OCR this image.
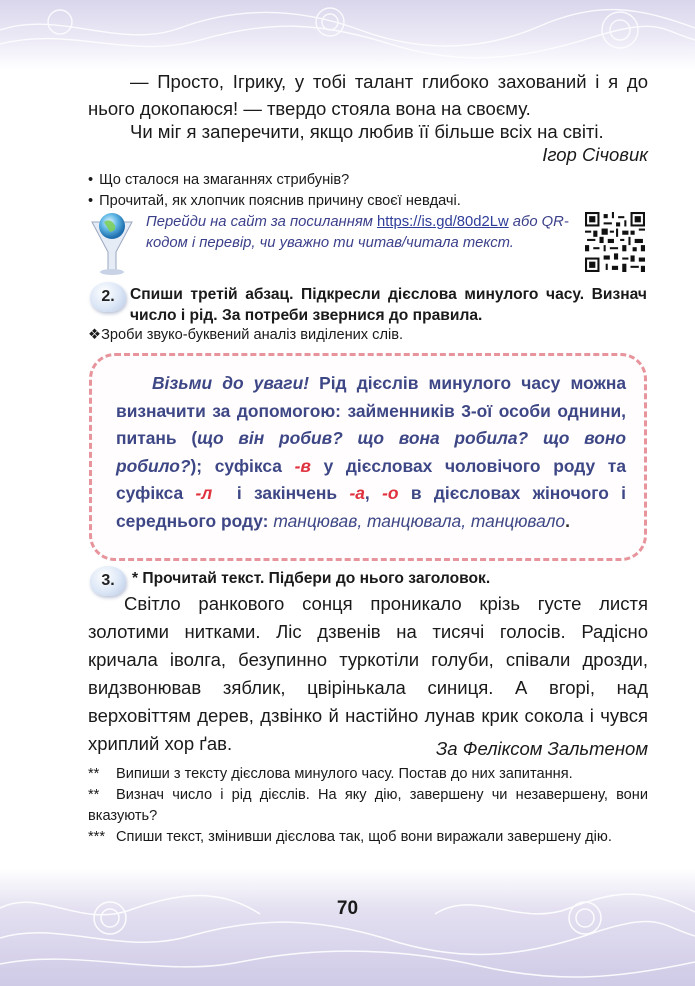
— Просто, Ігрику, у тобі талант глибоко захований і я до нього докопаюся! — твердо стояла вона на своєму.
Чи міг я заперечити, якщо любив її більше всіх на світі.
Ігор Січовик
• Що сталося на змаганнях стрибунів?
• Прочитай, як хлопчик пояснив причину своєї невдачі.
Перейди на сайт за посиланням https://is.gd/80d2Lw або QR-кодом і перевір, чи уважно ти читав/читала текст.
2. Спиши третій абзац. Підкресли дієслова минулого часу. Визнач число і рід. За потреби звернися до правила.
❖Зроби звуко-буквений аналіз виділених слів.
Візьми до уваги! Рід дієслів минулого часу можна визначити за допомогою: займенників 3-ої особи однини, питань (що він робив? що вона робила? що воно робило?); суфікса -в у дієсловах чоловічого роду та суфікса -л і закінчень -а, -о в дієсловах жіночого і середнього роду: танцював, танцювала, танцювало.
3.	* Прочитай текст. Підбери до нього заголовок.
Світло ранкового сонця проникало крізь густе листя золотими нитками. Ліс дзвенів на тисячі голосів. Радісно кричала іволга, безупинно туркотіли голуби, співали дрозди, видзвонював зяблик, цвірінькала синиця. А вгорі, над верховіттям дерев, дзвінко й настійно лунав крик сокола і чувся хриплий хор ґав.	За Феліксом Зальтеном
** Випиши з тексту дієслова минулого часу. Постав до них запитання.
** Визнач число і рід дієслів. На яку дію, завершену чи незавершену, вони вказують?
*** Спиши текст, змінивши дієслова так, щоб вони виражали завершену дію.
70
